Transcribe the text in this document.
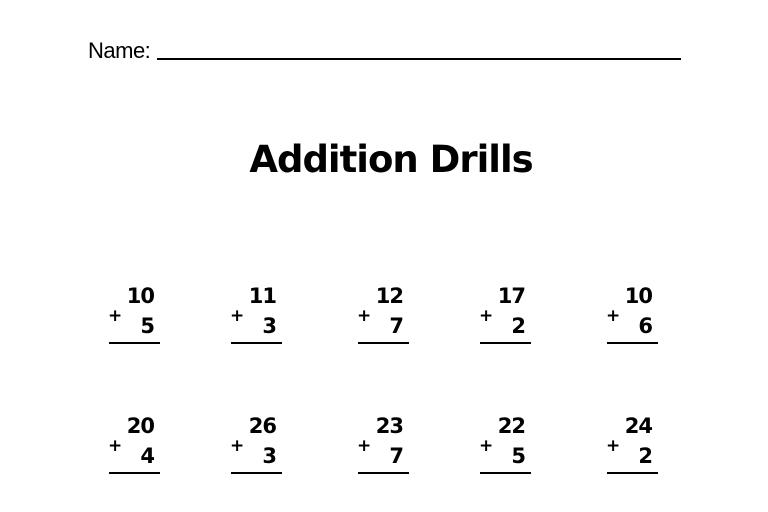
Name:
Addition Drills
10
+ 5
11
+ 3
12
+ 7
17
+ 2
10
+ 6
20
+ 4
26
+ 3
23
+ 7
22
+ 5
24
+ 2
